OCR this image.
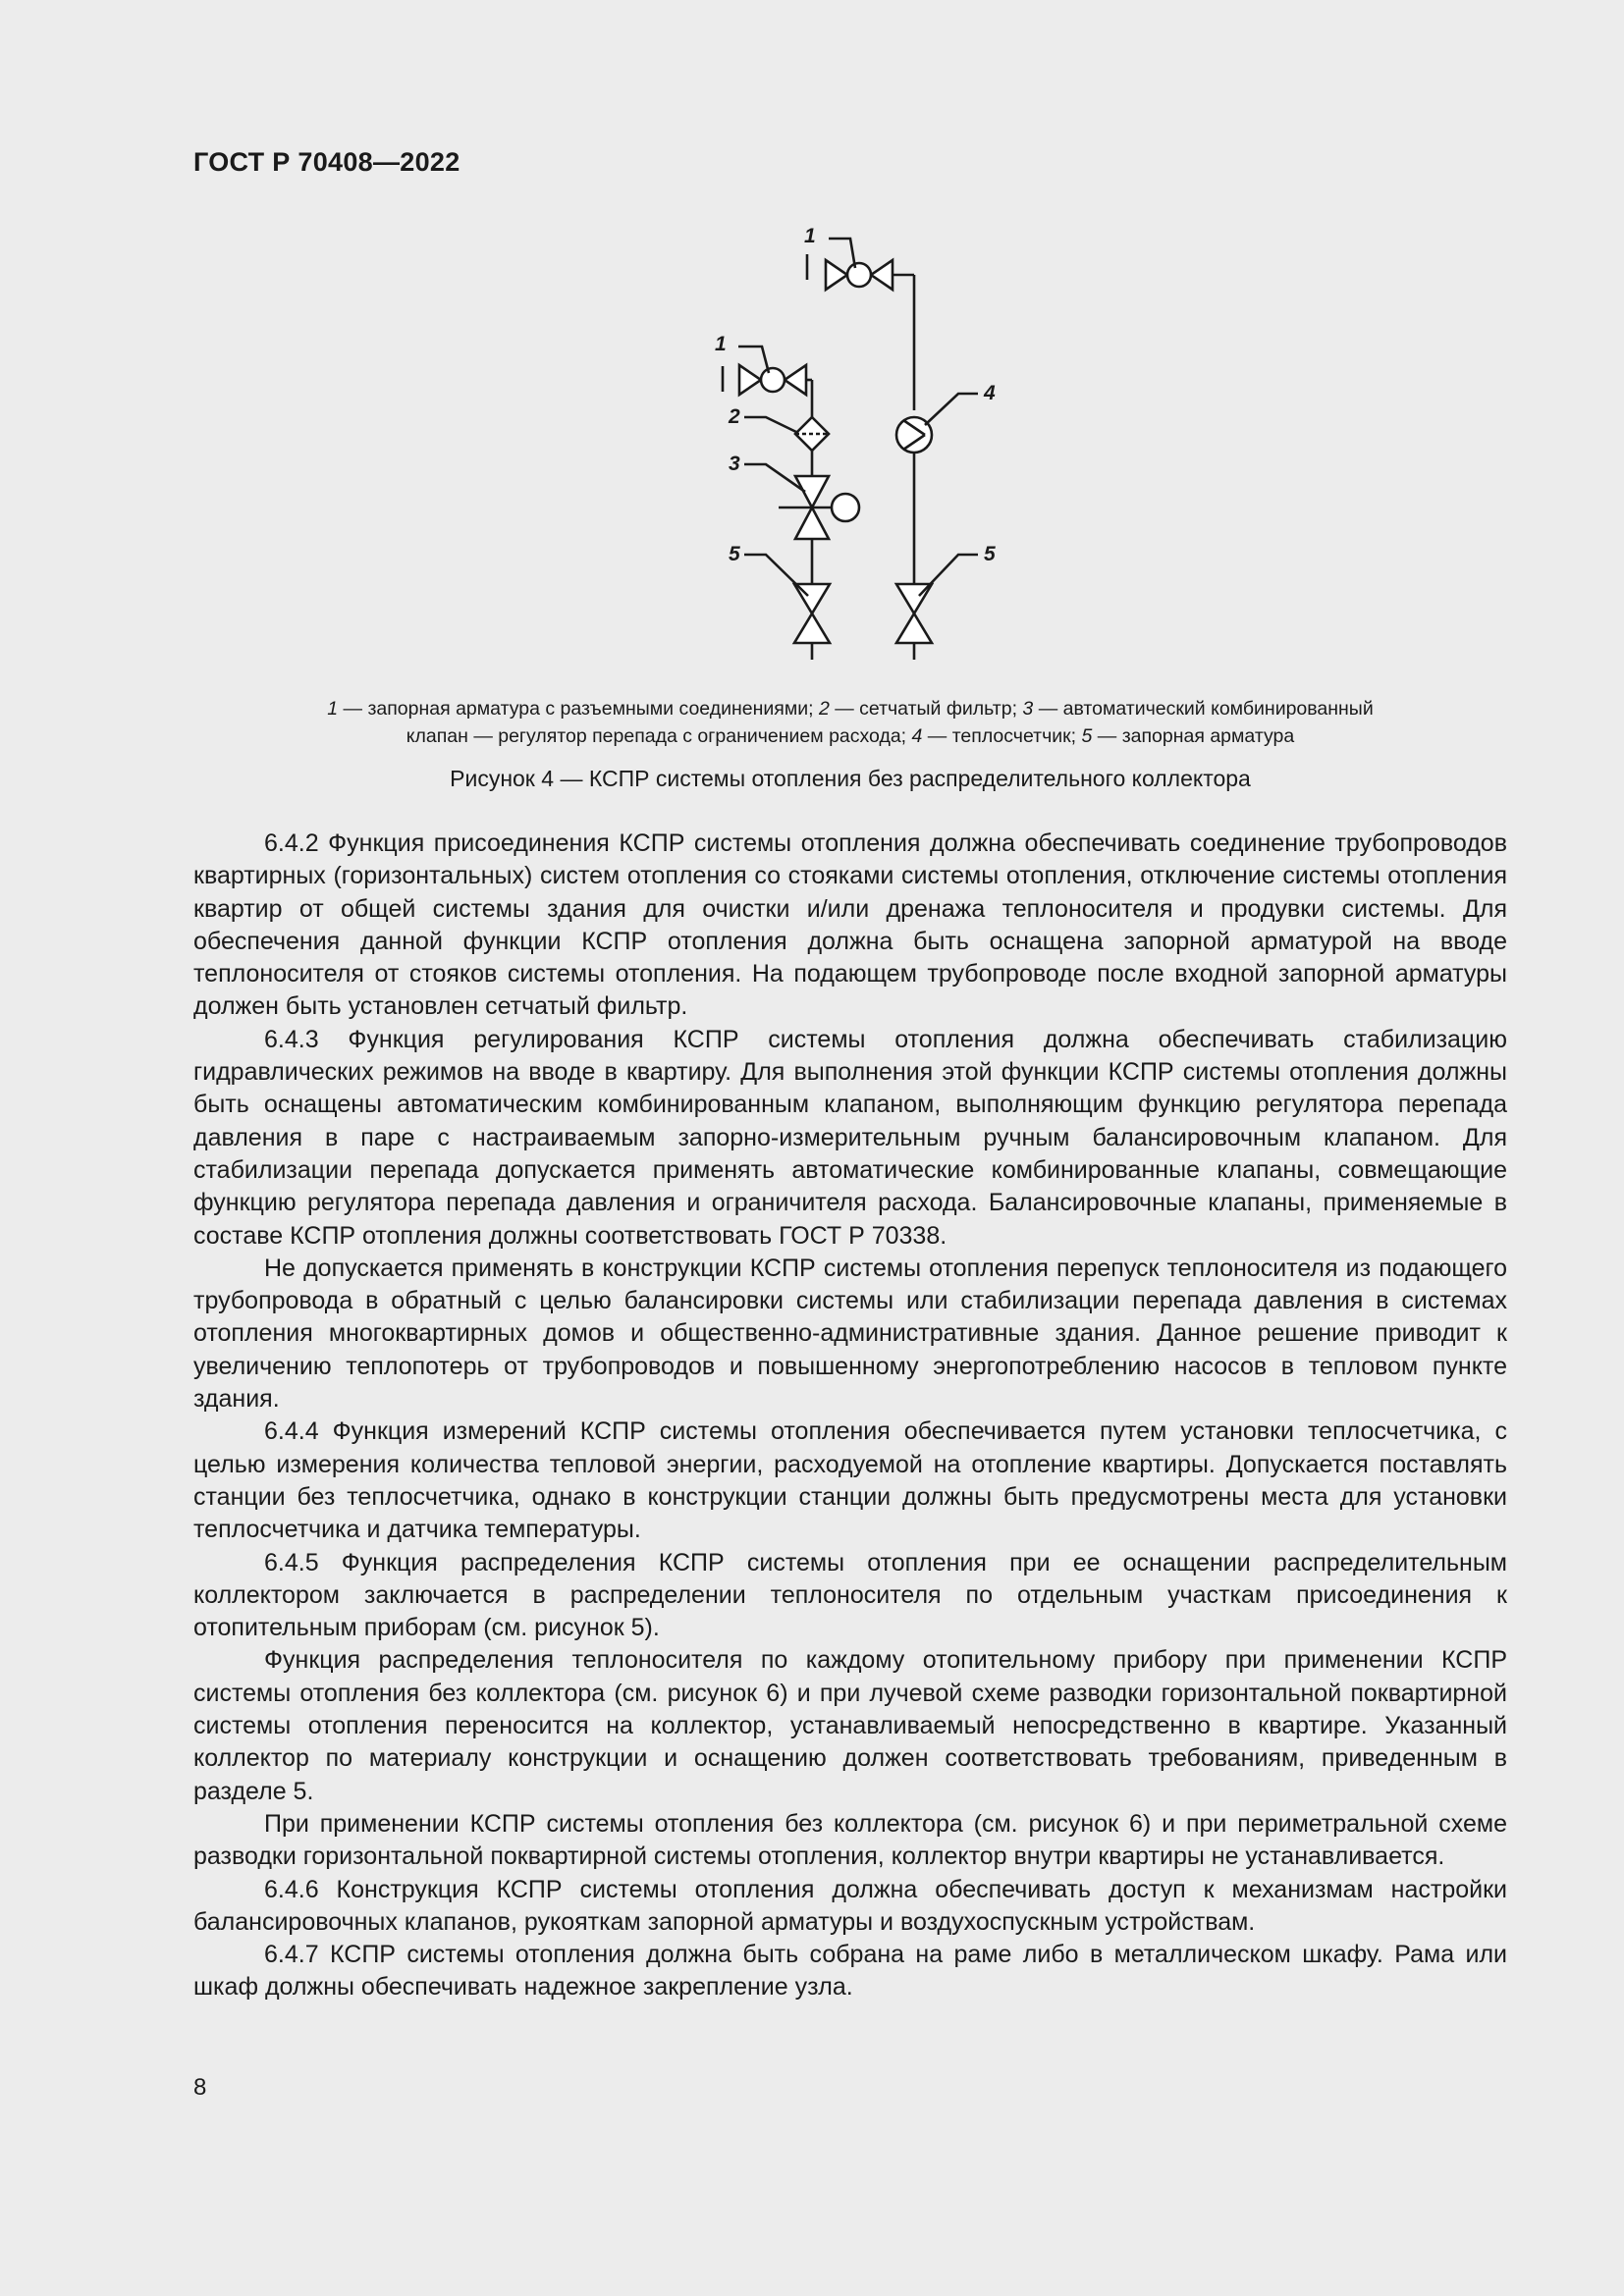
ГОСТ Р 70408—2022
1
1
2
3
4
5	5
1 — запорная арматура с разъемными соединениями; 2 — сетчатый фильтр; 3 — автоматический комбинированный
клапан — регулятор перепада с ограничением расхода; 4 — теплосчетчик; 5 — запорная арматура
Рисунок 4 — КСПР системы отопления без распределительного коллектора

6.4.2 Функция присоединения КСПР системы отопления должна обеспечивать соединение трубопроводов квартирных (горизонтальных) систем отопления со стояками системы отопления, отключение системы отопления квартир от общей системы здания для очистки и/или дренажа теплоносителя и продувки системы. Для обеспечения данной функции КСПР отопления должна быть оснащена запорной арматурой на вводе теплоносителя от стояков системы отопления. На подающем трубопроводе после входной запорной арматуры должен быть установлен сетчатый фильтр.

6.4.3 Функция регулирования КСПР системы отопления должна обеспечивать стабилизацию гидравлических режимов на вводе в квартиру. Для выполнения этой функции КСПР системы отопления должны быть оснащены автоматическим комбинированным клапаном, выполняющим функцию регулятора перепада давления в паре с настраиваемым запорно-измерительным ручным балансировочным клапаном. Для стабилизации перепада допускается применять автоматические комбинированные клапаны, совмещающие функцию регулятора перепада давления и ограничителя расхода. Балансировочные клапаны, применяемые в составе КСПР отопления должны соответствовать ГОСТ Р 70338.

Не допускается применять в конструкции КСПР системы отопления перепуск теплоносителя из подающего трубопровода в обратный с целью балансировки системы или стабилизации перепада давления в системах отопления многоквартирных домов и общественно-административные здания. Данное решение приводит к увеличению теплопотерь от трубопроводов и повышенному энергопотреблению насосов в тепловом пункте здания.

6.4.4 Функция измерений КСПР системы отопления обеспечивается путем установки теплосчетчика, с целью измерения количества тепловой энергии, расходуемой на отопление квартиры. Допускается поставлять станции без теплосчетчика, однако в конструкции станции должны быть предусмотрены места для установки теплосчетчика и датчика температуры.

6.4.5 Функция распределения КСПР системы отопления при ее оснащении распределительным коллектором заключается в распределении теплоносителя по отдельным участкам присоединения к отопительным приборам (см. рисунок 5).

Функция распределения теплоносителя по каждому отопительному прибору при применении КСПР системы отопления без коллектора (см. рисунок 6) и при лучевой схеме разводки горизонтальной поквартирной системы отопления переносится на коллектор, устанавливаемый непосредственно в квартире. Указанный коллектор по материалу конструкции и оснащению должен соответствовать требованиям, приведенным в разделе 5.

При применении КСПР системы отопления без коллектора (см. рисунок 6) и при периметральной схеме разводки горизонтальной поквартирной системы отопления, коллектор внутри квартиры не устанавливается.

6.4.6 Конструкция КСПР системы отопления должна обеспечивать доступ к механизмам настройки балансировочных клапанов, рукояткам запорной арматуры и воздухоспускным устройствам.

6.4.7 КСПР системы отопления должна быть собрана на раме либо в металлическом шкафу. Рама или шкаф должны обеспечивать надежное закрепление узла.

8
